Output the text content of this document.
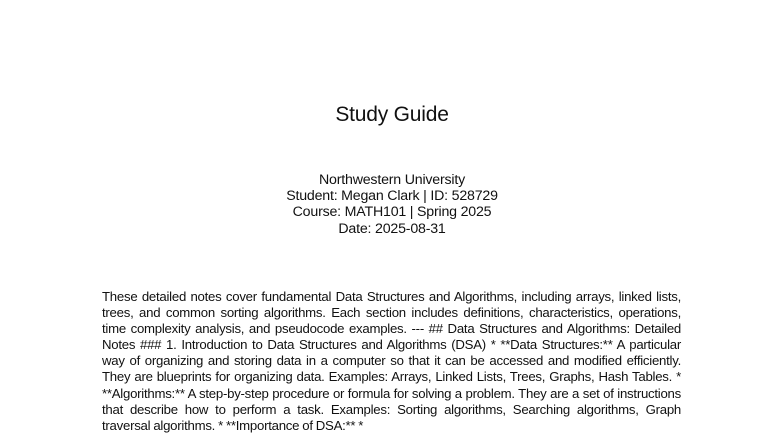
Study Guide
Northwestern University
Student: Megan Clark | ID: 528729
Course: MATH101 | Spring 2025
Date: 2025-08-31

These detailed notes cover fundamental Data Structures and Algorithms, including arrays, linked lists, trees, and common sorting algorithms. Each section includes definitions, characteristics, operations, time complexity analysis, and pseudocode examples. --- ## Data Structures and Algorithms: Detailed Notes ### 1. Introduction to Data Structures and Algorithms (DSA) * **Data Structures:** A particular way of organizing and storing data in a computer so that it can be accessed and modified efficiently. They are blueprints for organizing data. Examples: Arrays, Linked Lists, Trees, Graphs, Hash Tables. * **Algorithms:** A step-by-step procedure or formula for solving a problem. They are a set of instructions that describe how to perform a task. Examples: Sorting algorithms, Searching algorithms, Graph traversal algorithms. * **Importance of DSA:** *
